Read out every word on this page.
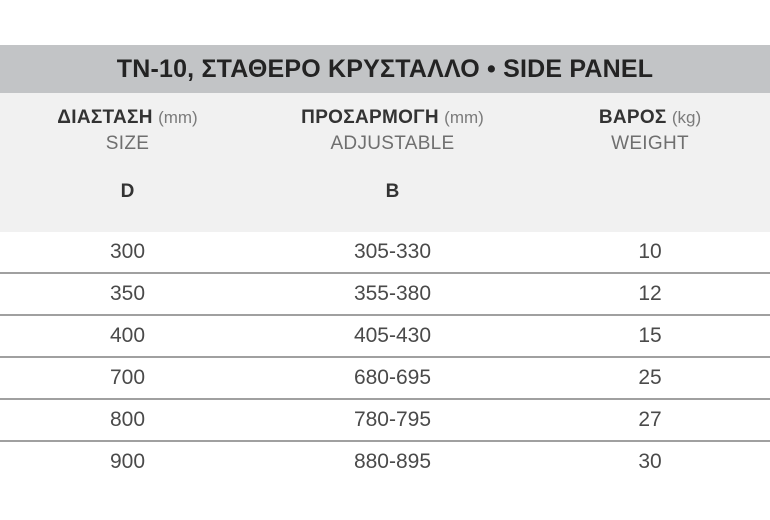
ΤΝ-10, ΣΤΑΘΕΡΟ ΚΡΥΣΤΑΛΛΟ • SIDE PANEL
ΔΙΑΣΤΑΣΗ (mm)	ΠΡΟΣΑΡΜΟΓΗ (mm)	ΒΑΡΟΣ (kg)
SIZE	ADJUSTABLE	WEIGHT
D	B
300	305-330	10
350	355-380	12
400	405-430	15
700	680-695	25
800	780-795	27
900	880-895	30
